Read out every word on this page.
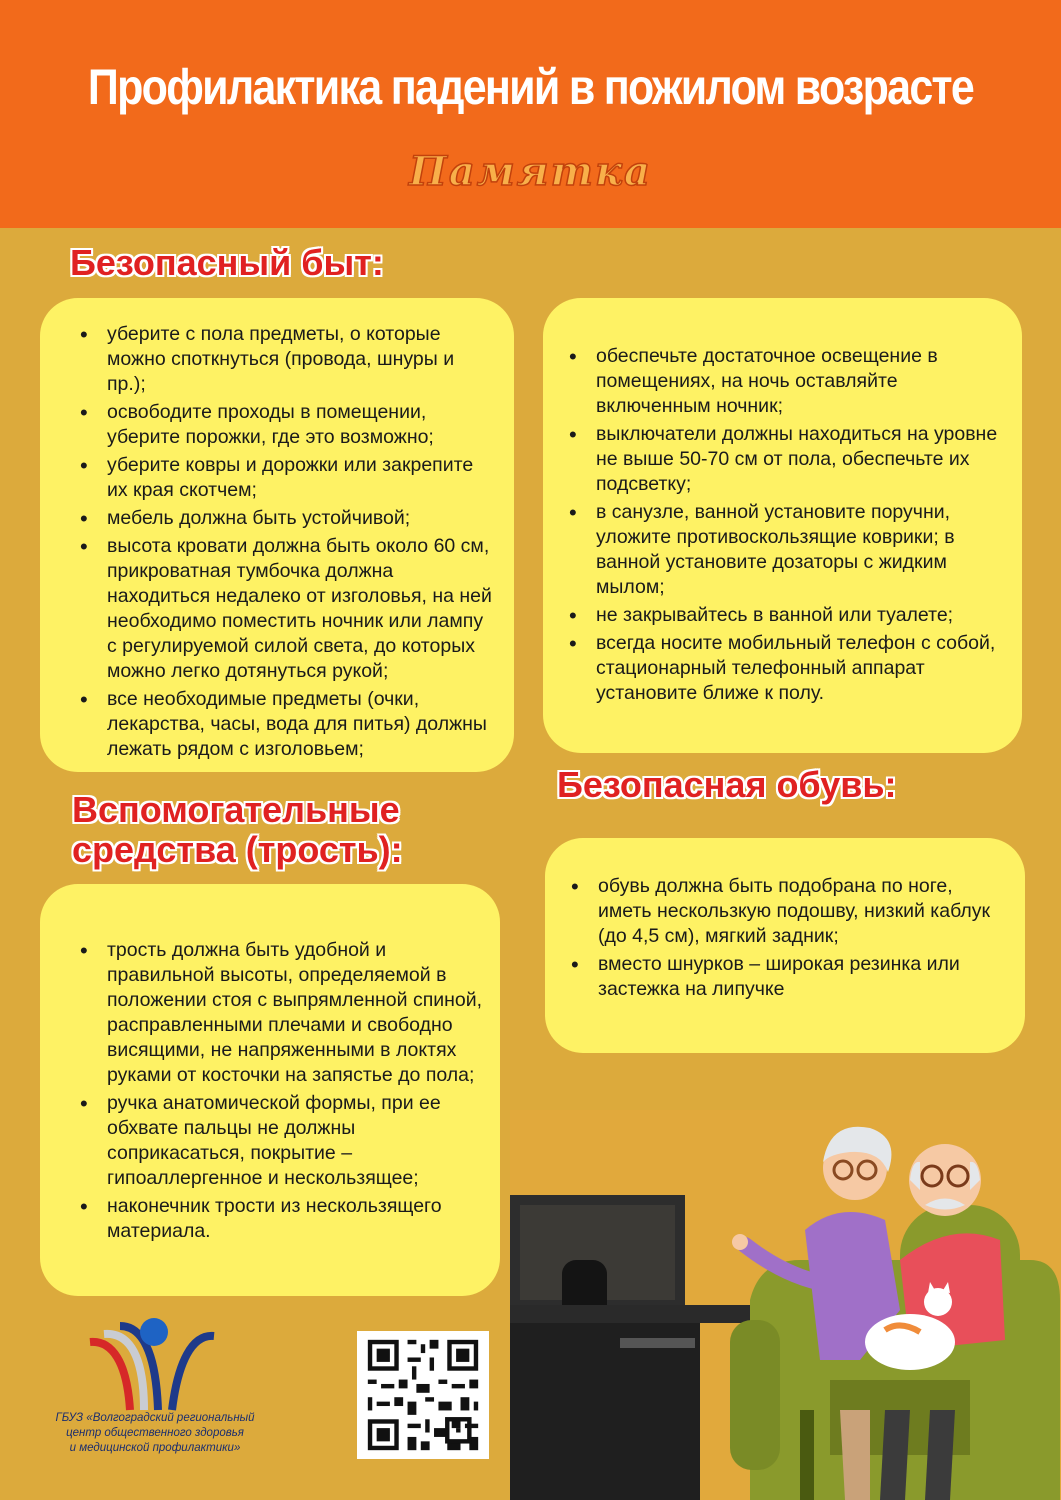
Профилактика падений в пожилом возрасте
Памятка
Безопасный быт:
• уберите с пола предметы, о которые можно споткнуться (провода, шнуры и пр.);
• освободите проходы в помещении, уберите порожки, где это возможно;
• уберите ковры и дорожки или закрепите их края скотчем;
• мебель должна быть устойчивой;
• высота кровати должна быть около 60 см, прикроватная тумбочка должна находиться недалеко от изголовья, на ней необходимо поместить ночник или лампу с регулируемой силой света, до которых можно легко дотянуться рукой;
• все необходимые предметы (очки, лекарства, часы, вода для питья) должны лежать рядом с изголовьем;
• обеспечьте достаточное освещение в помещениях, на ночь оставляйте включенным ночник;
• выключатели должны находиться на уровне не выше 50-70 см от пола, обеспечьте их подсветку;
• в санузле, ванной установите поручни, уложите противоскользящие коврики; в ванной установите дозаторы с жидким мылом;
• не закрывайтесь в ванной или туалете;
• всегда носите мобильный телефон с собой, стационарный телефонный аппарат установите ближе к полу.
Безопасная обувь:
Вспомогательные
средства (трость):
• обувь должна быть подобрана по ноге, иметь нескользкую подошву, низкий каблук (до 4,5 см), мягкий задник;
• вместо шнурков – широкая резинка или застежка на липучке
• трость должна быть удобной и правильной высоты, определяемой в положении стоя с выпрямленной спиной, расправленными плечами и свободно висящими, не напряженными в локтях руками от косточки на запястье до пола;
• ручка анатомической формы, при ее обхвате пальцы не должны соприкасаться, покрытие – гипоаллергенное и нескользящее;
• наконечник трости из нескользящего материала.
ГБУЗ «Волгоградский региональный
центр общественного здоровья
и медицинской профилактики»
